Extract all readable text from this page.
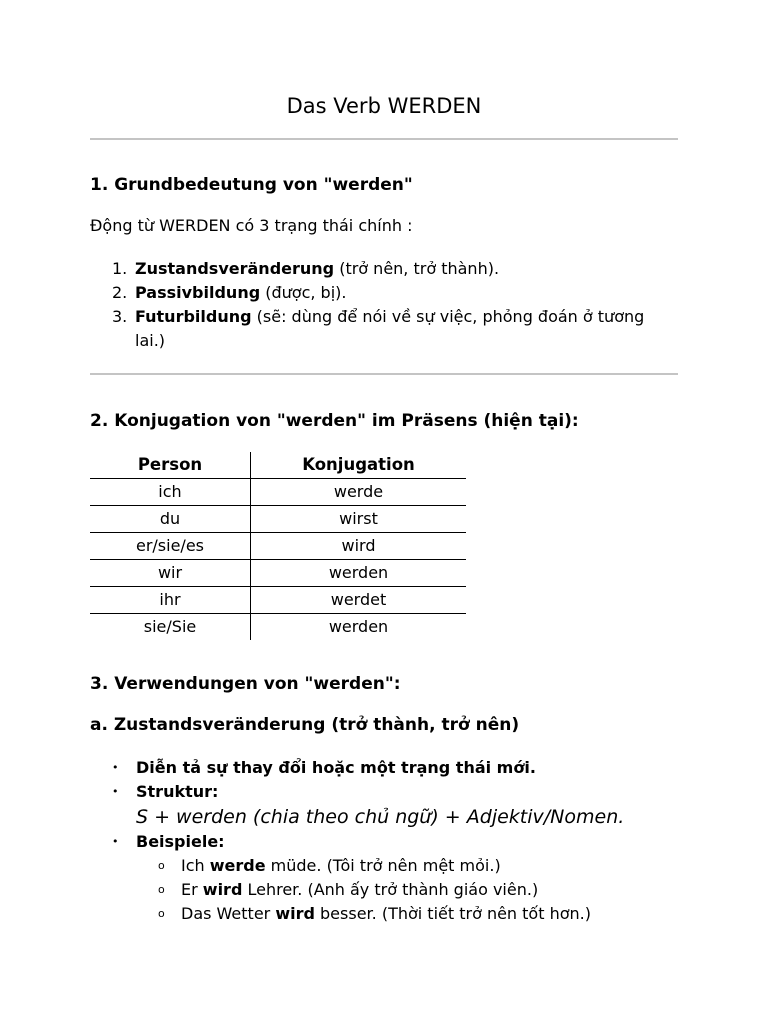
Das Verb WERDEN
1. Grundbedeutung von "werden"
Động từ WERDEN có 3 trạng thái chính :
1. Zustandsveränderung (trở nên, trở thành).
2. Passivbildung (được, bị).
3. Futurbildung (sẽ: dùng để nói về sự việc, phỏng đoán ở tương lai.)
2. Konjugation von "werden" im Präsens (hiện tại):
Person	Konjugation
ich	werde
du	wirst
er/sie/es	wird
wir	werden
ihr	werdet
sie/Sie	werden
3. Verwendungen von "werden":
a. Zustandsveränderung (trở thành, trở nên)
• Diễn tả sự thay đổi hoặc một trạng thái mới.
• Struktur:
S + werden (chia theo chủ ngữ) + Adjektiv/Nomen.
• Beispiele:
o Ich werde müde. (Tôi trở nên mệt mỏi.)
o Er wird Lehrer. (Anh ấy trở thành giáo viên.)
o Das Wetter wird besser. (Thời tiết trở nên tốt hơn.)
